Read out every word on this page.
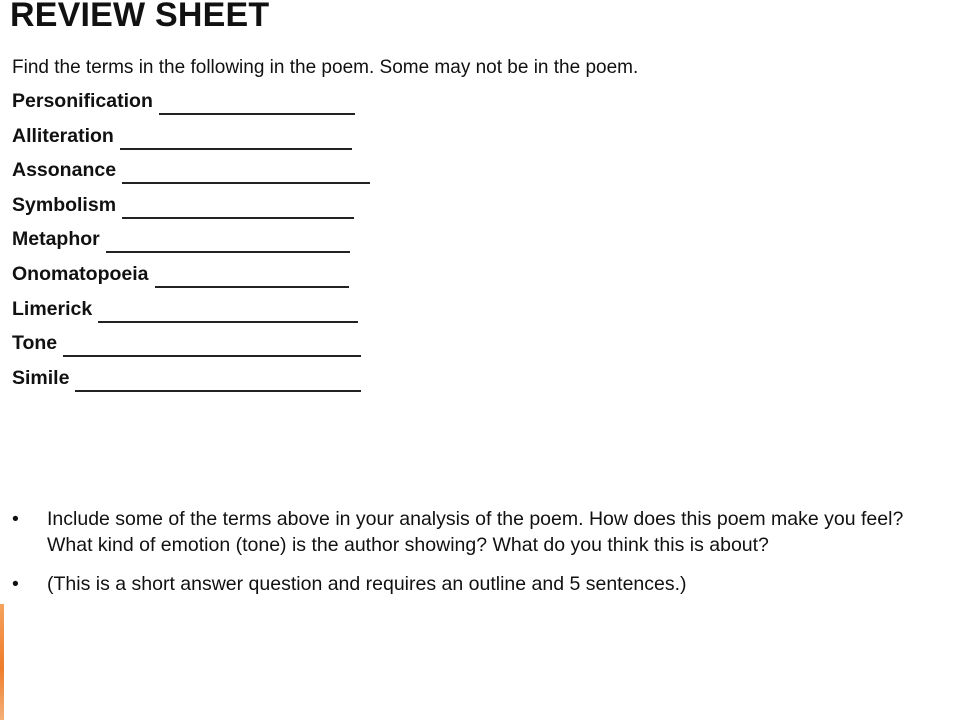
REVIEW SHEET

Find the terms in the following in the poem. Some may not be in the poem.

Personification
Alliteration
Assonance
Symbolism
Metaphor
Onomatopoeia
Limerick
Tone
Simile
• Include some of the terms above in your analysis of the poem. How does this poem make you feel? What kind of emotion (tone) is the author showing? What do you think this is about?
• (This is a short answer question and requires an outline and 5 sentences.)
